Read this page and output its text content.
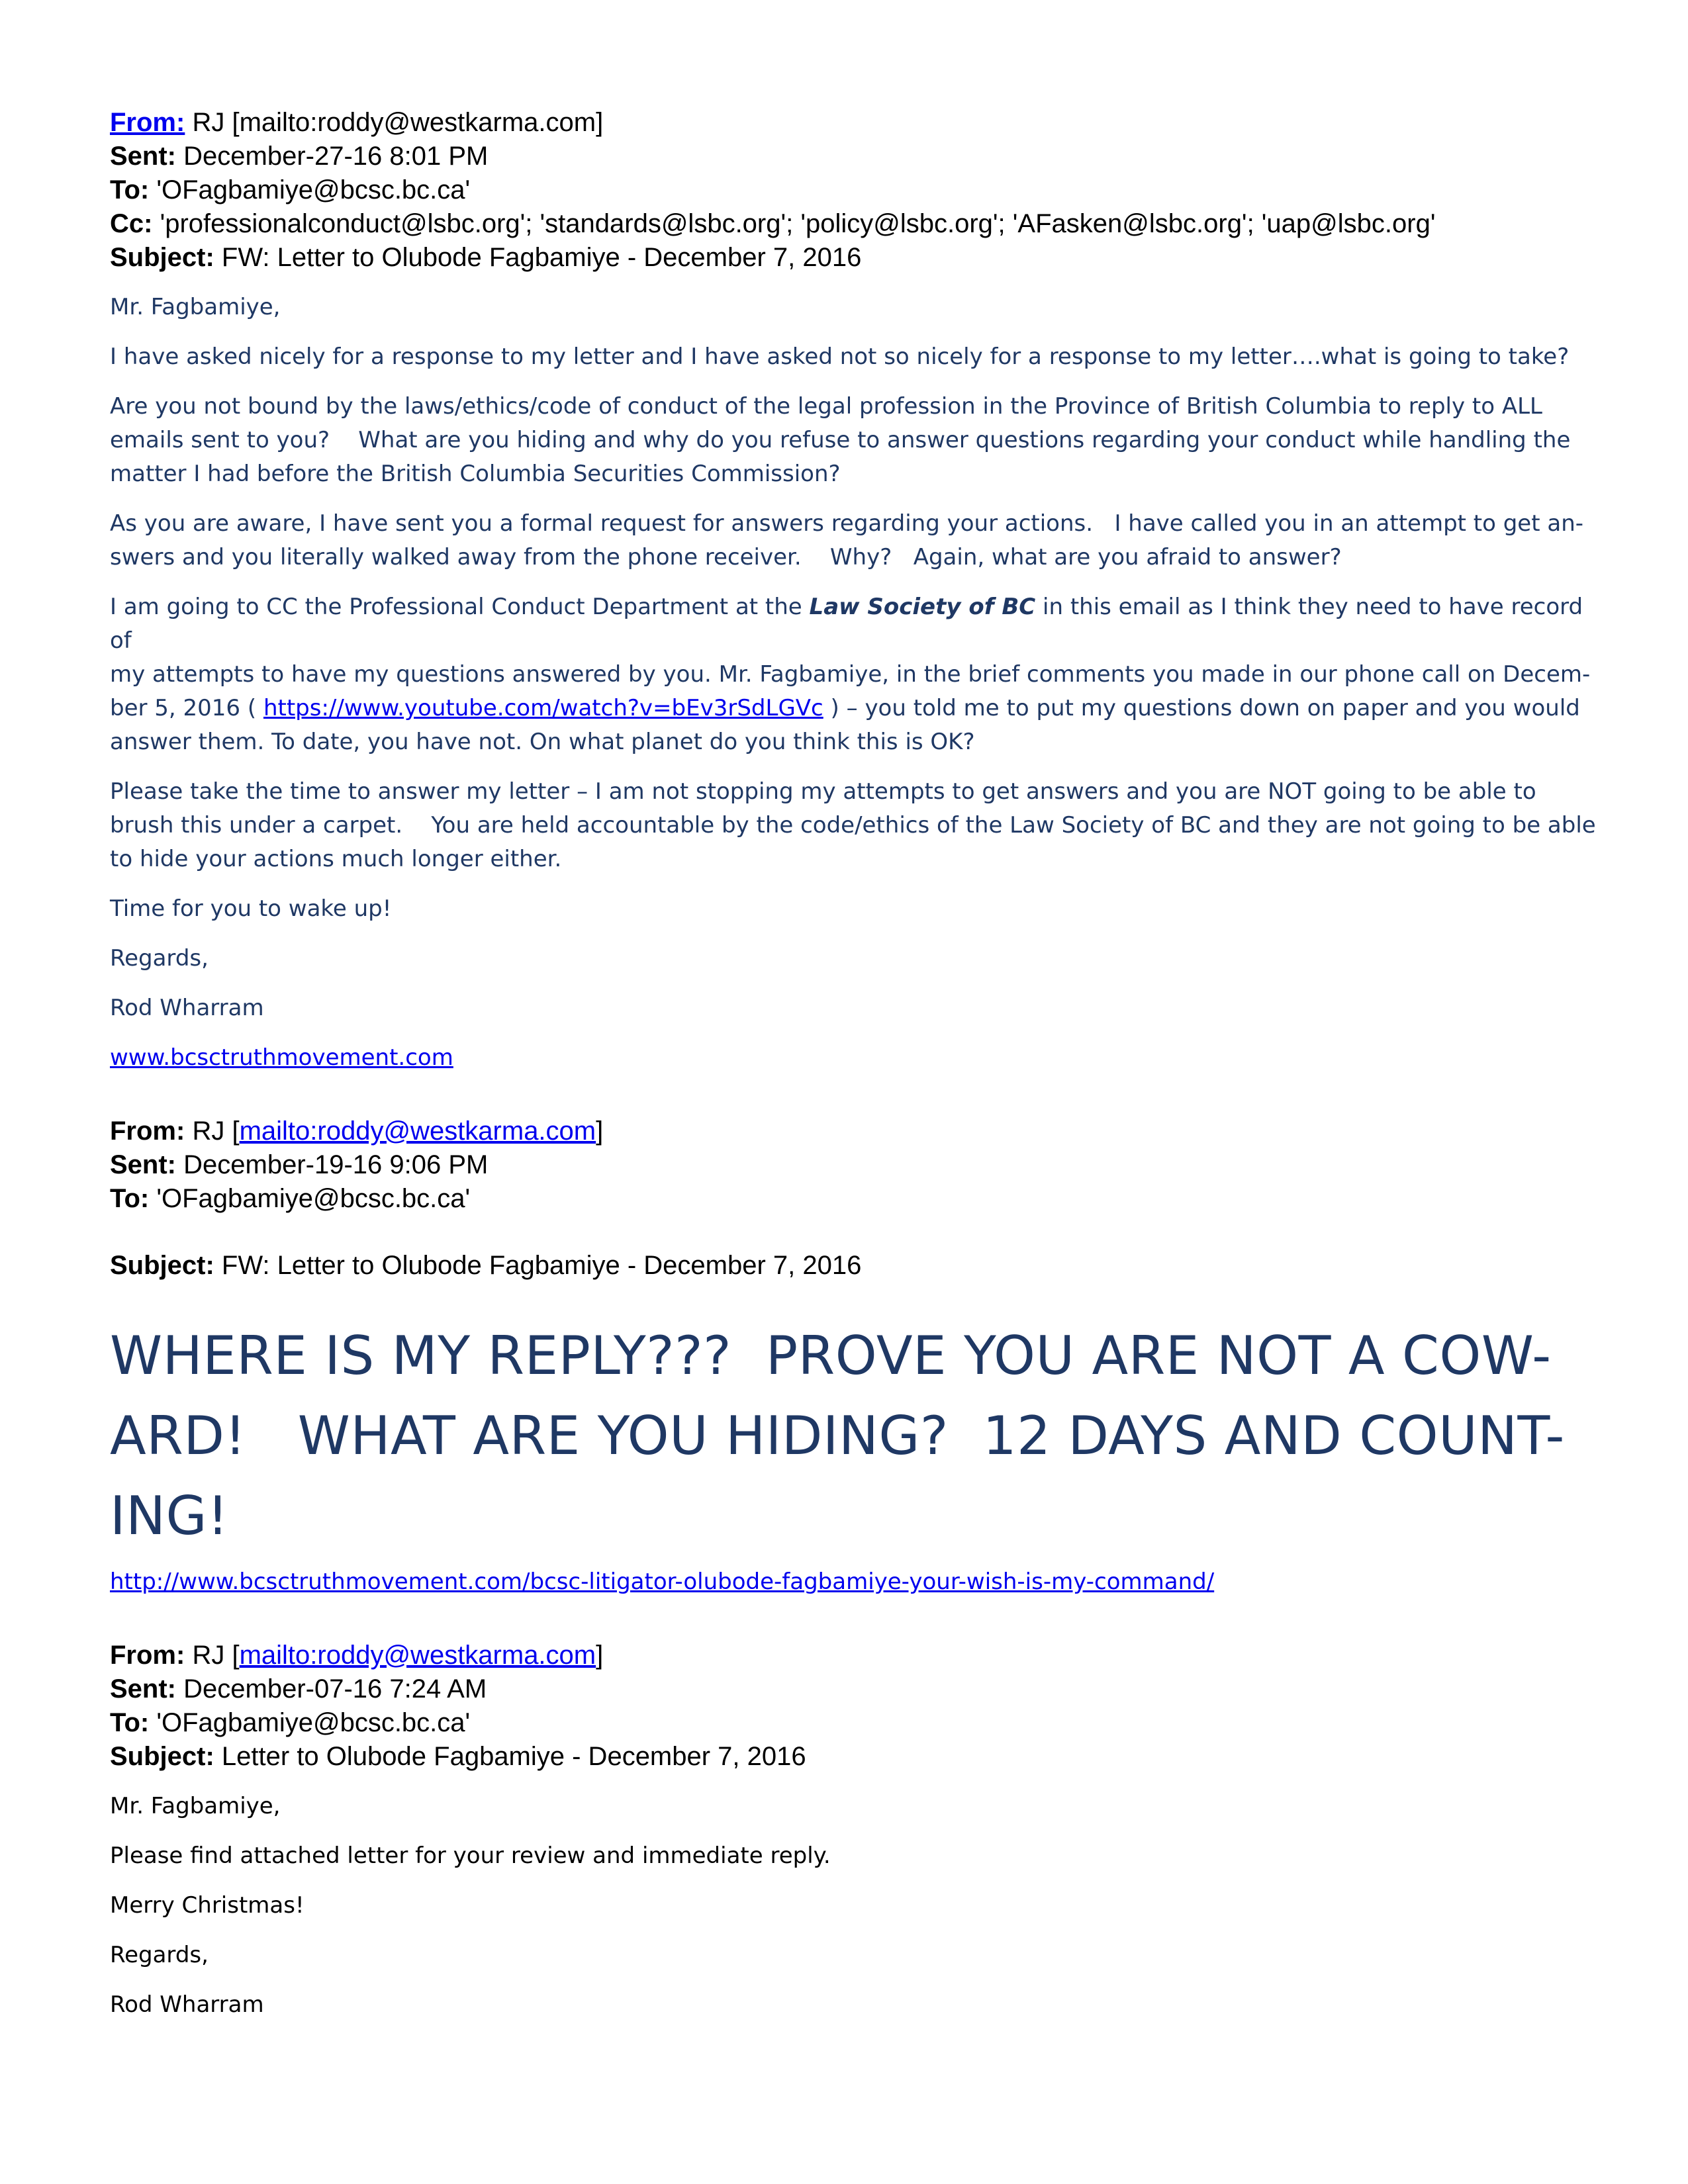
From: RJ [mailto:roddy@westkarma.com]

Sent: December-27-16 8:01 PM

To: 'OFagbamiye@bcsc.bc.ca'

Cc: 'professionalconduct@lsbc.org'; 'standards@lsbc.org'; 'policy@lsbc.org'; 'AFasken@lsbc.org'; 'uap@lsbc.org'

Subject: FW: Letter to Olubode Fagbamiye - December 7, 2016

Mr. Fagbamiye,

I have asked nicely for a response to my letter and I have asked not so nicely for a response to my letter….what is going to take?

Are you not bound by the laws/ethics/code of conduct of the legal profession in the Province of British Columbia to reply to ALL

emails sent to you?    What are you hiding and why do you refuse to answer questions regarding your conduct while handling the

matter I had before the British Columbia Securities Commission?

As you are aware, I have sent you a formal request for answers regarding your actions.   I have called you in an attempt to get an-

swers and you literally walked away from the phone receiver.    Why?   Again, what are you afraid to answer?

I am going to CC the Professional Conduct Department at the Law Society of BC in this email as I think they need to have record of

my attempts to have my questions answered by you. Mr. Fagbamiye, in the brief comments you made in our phone call on Decem-

ber 5, 2016 ( https://www.youtube.com/watch?v=bEv3rSdLGVc ) – you told me to put my questions down on paper and you would

answer them. To date, you have not. On what planet do you think this is OK?

Please take the time to answer my letter – I am not stopping my attempts to get answers and you are NOT going to be able to

brush this under a carpet.    You are held accountable by the code/ethics of the Law Society of BC and they are not going to be able

to hide your actions much longer either.

Time for you to wake up!

Regards,

Rod Wharram

www.bcsctruthmovement.com

From: RJ [mailto:roddy@westkarma.com]

Sent: December-19-16 9:06 PM

To: 'OFagbamiye@bcsc.bc.ca'

Subject: FW: Letter to Olubode Fagbamiye - December 7, 2016

WHERE IS MY REPLY???  PROVE YOU ARE NOT A COW-

ARD!   WHAT ARE YOU HIDING?  12 DAYS AND COUNT-

ING!

http://www.bcsctruthmovement.com/bcsc-litigator-olubode-fagbamiye-your-wish-is-my-command/

From: RJ [mailto:roddy@westkarma.com]

Sent: December-07-16 7:24 AM

To: 'OFagbamiye@bcsc.bc.ca'

Subject: Letter to Olubode Fagbamiye - December 7, 2016

Mr. Fagbamiye,

Please find attached letter for your review and immediate reply.

Merry Christmas!

Regards,

Rod Wharram
